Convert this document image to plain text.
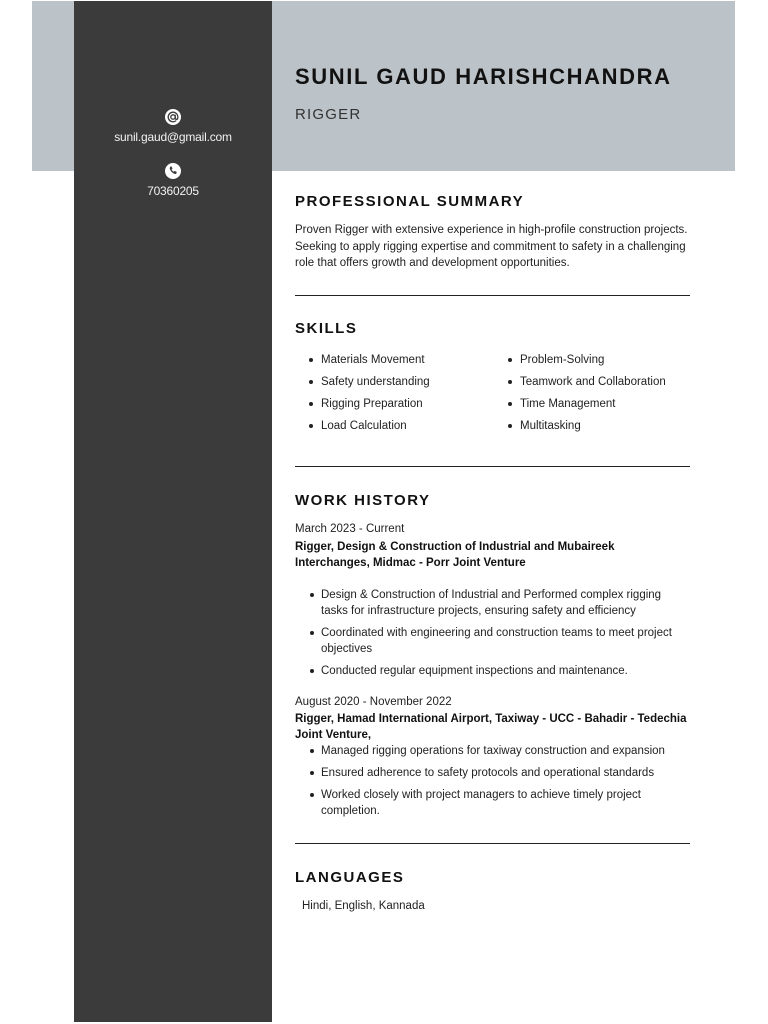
sunil.gaud@gmail.com
70360205
SUNIL GAUD HARISHCHANDRA

RIGGER

PROFESSIONAL SUMMARY

Proven Rigger with extensive experience in high-profile construction projects. Seeking to apply rigging expertise and commitment to safety in a challenging role that offers growth and development opportunities.

SKILLS
Materials Movement
Safety understanding
Rigging Preparation
Load Calculation
Problem-Solving
Teamwork and Collaboration
Time Management
Multitasking
WORK HISTORY

March 2023 - Current

Rigger, Design & Construction of Industrial and Mubaireek Interchanges, Midmac - Porr Joint Venture

Design & Construction of Industrial and Performed complex rigging tasks for infrastructure projects, ensuring safety and efficiency
Coordinated with engineering and construction teams to meet project objectives
Conducted regular equipment inspections and maintenance.

August 2020 - November 2022

Rigger, Hamad International Airport, Taxiway - UCC - Bahadir - Tedechia Joint Venture,

Managed rigging operations for taxiway construction and expansion
Ensured adherence to safety protocols and operational standards
Worked closely with project managers to achieve timely project completion.
LANGUAGES

Hindi, English, Kannada
